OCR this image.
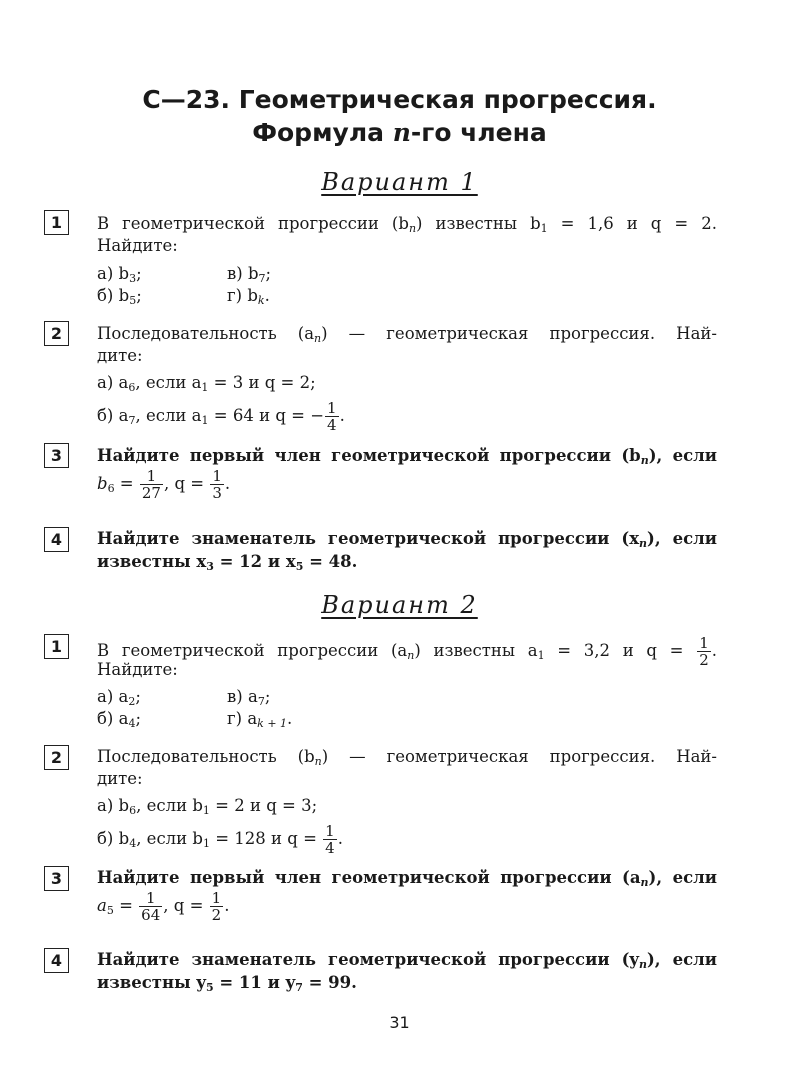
С—23. Геометрическая прогрессия.
Формула n-го члена
Вариант 1
1	В геометрической прогрессии $(b_n)$ известны $b_1 = 1,6$ и q = 2.
Найдите:
а) $b_3$;	в) $b_7$;
б) $b_5$;	г) $b_k$.
2	Последовательность $(a_n)$ — геометрическая прогрессия. Най-
дите:
а) $a_6$, если $a_1 = 3$ и q = 2;
б) $a_7$, если $a_1 = 64$ и q = − $\frac{1}{4}$ .
3	Найдите первый член геометрической прогрессии $(b_n)$, если
$b_6 = \frac{1}{27}$ , $q = \frac{1}{3}$ .
4	Найдите знаменатель геометрической прогрессии $(x_n)$, если
известны $x_3 = 12$ и $x_5 = 48$.
Вариант 2
1	В геометрической прогрессии $(a_n)$ известны $a_1 = 3,2$ и $q = \frac{1}{2}$ .
Найдите:
а) $a_2$;	в) $a_7$;
б) $a_4$;	г) $a_{k + 1}$.
2	Последовательность $(b_n)$ — геометрическая прогрессия. Най-
дите:
а) $b_6$, если $b_1 = 2$ и q = 3;
б) $b_4$, если $b_1 = 128$ и $q = \frac{1}{4}$ .
3	Найдите первый член геометрической прогрессии $(a_n)$, если
$a_5 = \frac{1}{64}$ , $q = \frac{1}{2}$ .
4	Найдите знаменатель геометрической прогрессии $(y_n)$, если
известны $y_5 = 11$ и $y_7 = 99$.
31
